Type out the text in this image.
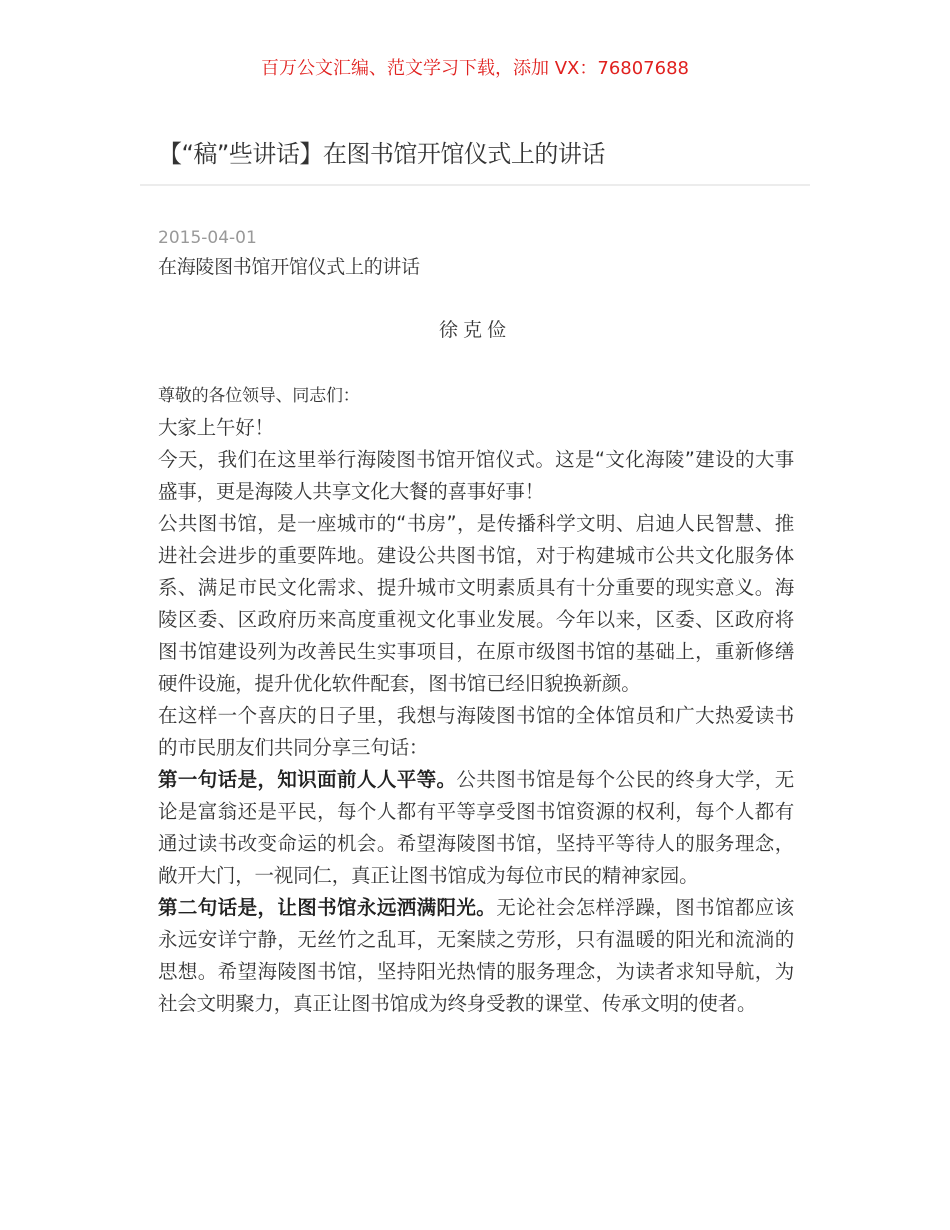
百万公文汇编、范文学习下载，添加 VX：76807688
【“稿”些讲话】在图书馆开馆仪式上的讲话
2015-04-01
在海陵图书馆开馆仪式上的讲话
徐克俭

尊敬的各位领导、同志们：

大家上午好！

今天，我们在这里举行海陵图书馆开馆仪式。这是“文化海陵”建设的大事盛事，更是海陵人共享文化大餐的喜事好事！

公共图书馆，是一座城市的“书房”，是传播科学文明、启迪人民智慧、推进社会进步的重要阵地。建设公共图书馆，对于构建城市公共文化服务体系、满足市民文化需求、提升城市文明素质具有十分重要的现实意义。海陵区委、区政府历来高度重视文化事业发展。今年以来，区委、区政府将图书馆建设列为改善民生实事项目，在原市级图书馆的基础上，重新修缮硬件设施，提升优化软件配套，图书馆已经旧貌换新颜。

在这样一个喜庆的日子里，我想与海陵图书馆的全体馆员和广大热爱读书的市民朋友们共同分享三句话：

第一句话是，知识面前人人平等。公共图书馆是每个公民的终身大学，无论是富翁还是平民，每个人都有平等享受图书馆资源的权利，每个人都有通过读书改变命运的机会。希望海陵图书馆，坚持平等待人的服务理念，敞开大门，一视同仁，真正让图书馆成为每位市民的精神家园。

第二句话是，让图书馆永远洒满阳光。无论社会怎样浮躁，图书馆都应该永远安详宁静，无丝竹之乱耳，无案牍之劳形，只有温暖的阳光和流淌的思想。希望海陵图书馆，坚持阳光热情的服务理念，为读者求知导航，为社会文明聚力，真正让图书馆成为终身受教的课堂、传承文明的使者。
